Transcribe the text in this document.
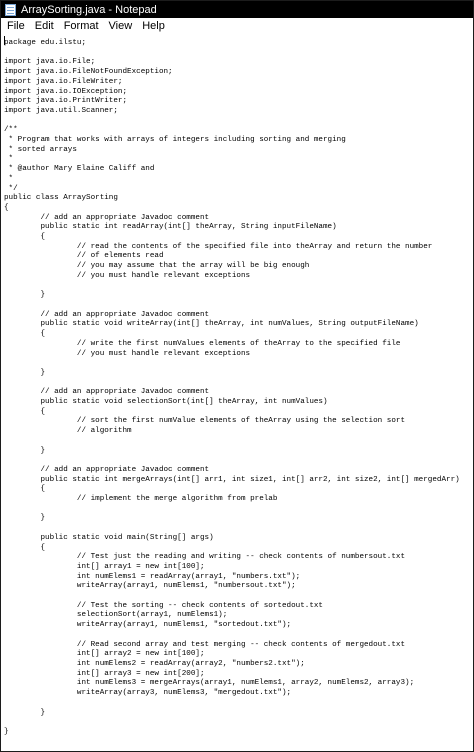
ArraySorting.java - Notepad
File Edit Format View Help
package edu.ilstu;

import java.io.File;
import java.io.FileNotFoundException;
import java.io.FileWriter;
import java.io.IOException;
import java.io.PrintWriter;
import java.util.Scanner;

/**
* Program that works with arrays of integers including sorting and merging
* sorted arrays
*
* @author Mary Elaine Califf and
*
*/
public class ArraySorting
{
// add an appropriate Javadoc comment
public static int readArray(int[] theArray, String inputFileName)
{
// read the contents of the specified file into theArray and return the number
// of elements read
// you may assume that the array will be big enough
// you must handle relevant exceptions

}

// add an appropriate Javadoc comment
public static void writeArray(int[] theArray, int numValues, String outputFileName)
{
// write the first numValues elements of theArray to the specified file
// you must handle relevant exceptions

}

// add an appropriate Javadoc comment
public static void selectionSort(int[] theArray, int numValues)
{
// sort the first numValue elements of theArray using the selection sort
// algorithm

}

// add an appropriate Javadoc comment
public static int mergeArrays(int[] arr1, int size1, int[] arr2, int size2, int[] mergedArr)
{
// implement the merge algorithm from prelab

}

public static void main(String[] args)
{
// Test just the reading and writing -- check contents of numbersout.txt
int[] array1 = new int[100];
int numElems1 = readArray(array1, "numbers.txt");
writeArray(array1, numElems1, "numbersout.txt");

// Test the sorting -- check contents of sortedout.txt
selectionSort(array1, numElems1);
writeArray(array1, numElems1, "sortedout.txt");

// Read second array and test merging -- check contents of mergedout.txt
int[] array2 = new int[100];
int numElems2 = readArray(array2, "numbers2.txt");
int[] array3 = new int[200];
int numElems3 = mergeArrays(array1, numElems1, array2, numElems2, array3);
writeArray(array3, numElems3, "mergedout.txt");

}

}
